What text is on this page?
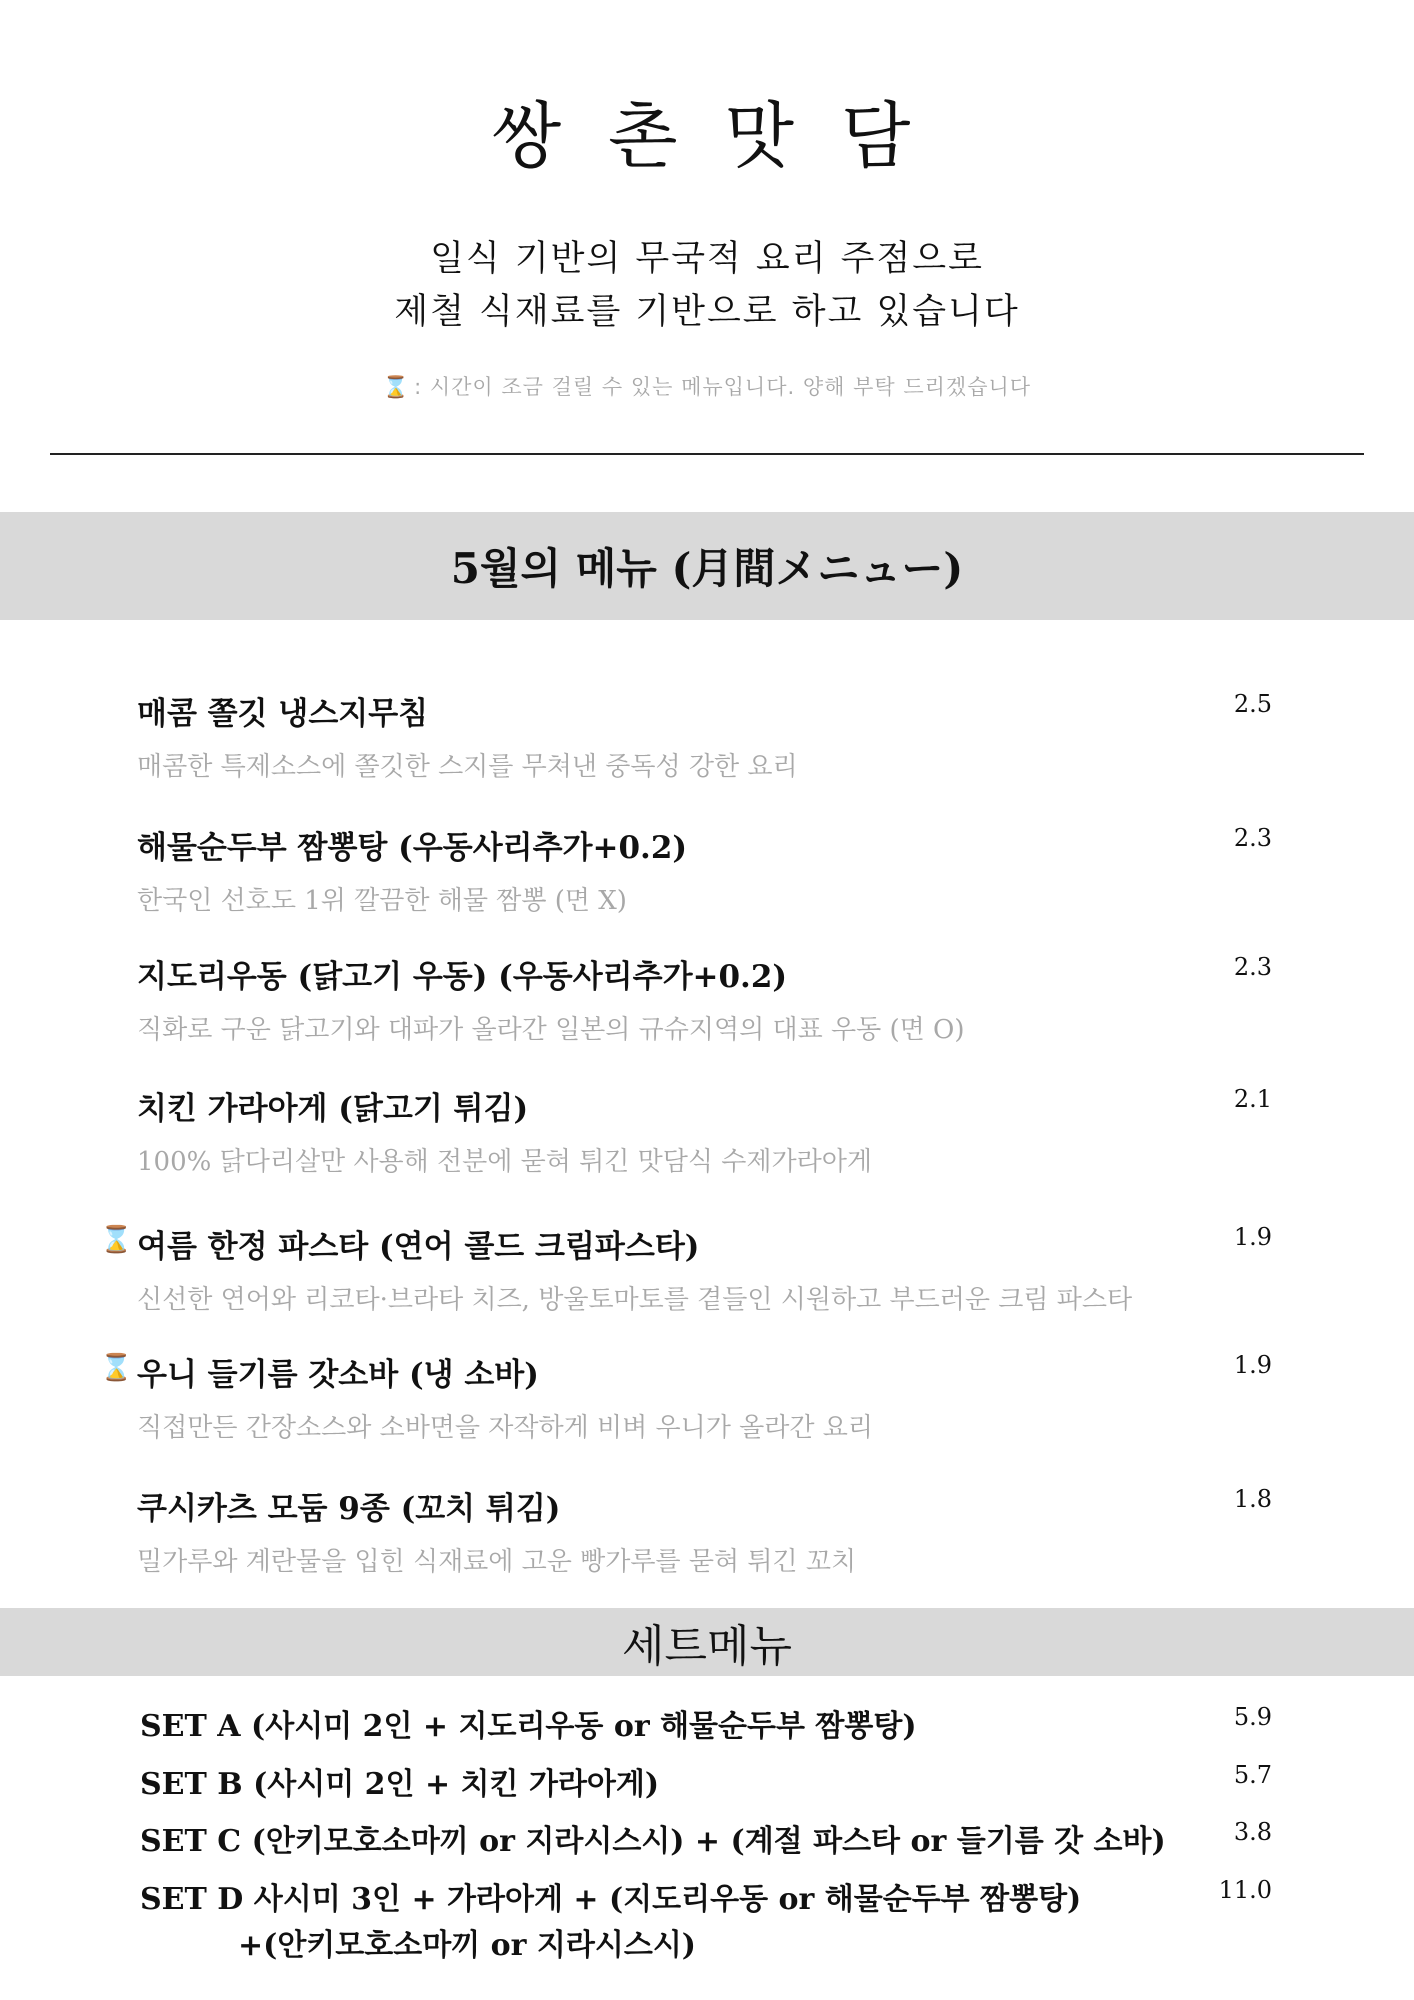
쌍 촌 맛 담
일식 기반의 무국적 요리 주점으로
제철 식재료를 기반으로 하고 있습니다
⌛ : 시간이 조금 걸릴 수 있는 메뉴입니다. 양해 부탁 드리겠습니다
5월의 메뉴 (月間メニュー)
매콤 쫄깃 냉스지무침	2.5
매콤한 특제소스에 쫄깃한 스지를 무쳐낸 중독성 강한 요리
해물순두부 짬뽕탕 (우동사리추가+0.2)	2.3
한국인 선호도 1위 깔끔한 해물 짬뽕 (면 X)
지도리우동 (닭고기 우동) (우동사리추가+0.2)	2.3
직화로 구운 닭고기와 대파가 올라간 일본의 규슈지역의 대표 우동 (면 O)
치킨 가라아게 (닭고기 튀김)	2.1
100% 닭다리살만 사용해 전분에 묻혀 튀긴 맛담식 수제가라아게
⌛ 여름 한정 파스타 (연어 콜드 크림파스타)	1.9
신선한 연어와 리코타·브라타 치즈, 방울토마토를 곁들인 시원하고 부드러운 크림 파스타
⌛ 우니 들기름 갓소바 (냉 소바)	1.9
직접만든 간장소스와 소바면을 자작하게 비벼 우니가 올라간 요리
쿠시카츠 모둠 9종 (꼬치 튀김)	1.8
밀가루와 계란물을 입힌 식재료에 고운 빵가루를 묻혀 튀긴 꼬치
세트메뉴
SET A (사시미 2인 + 지도리우동 or 해물순두부 짬뽕탕)	5.9
SET B (사시미 2인 + 치킨 가라아게)	5.7
SET C (안키모호소마끼 or 지라시스시) + (계절 파스타 or 들기름 갓 소바)	3.8
SET D 사시미 3인 + 가라아게 + (지도리우동 or 해물순두부 짬뽕탕)	11.0
+(안키모호소마끼 or 지라시스시)
